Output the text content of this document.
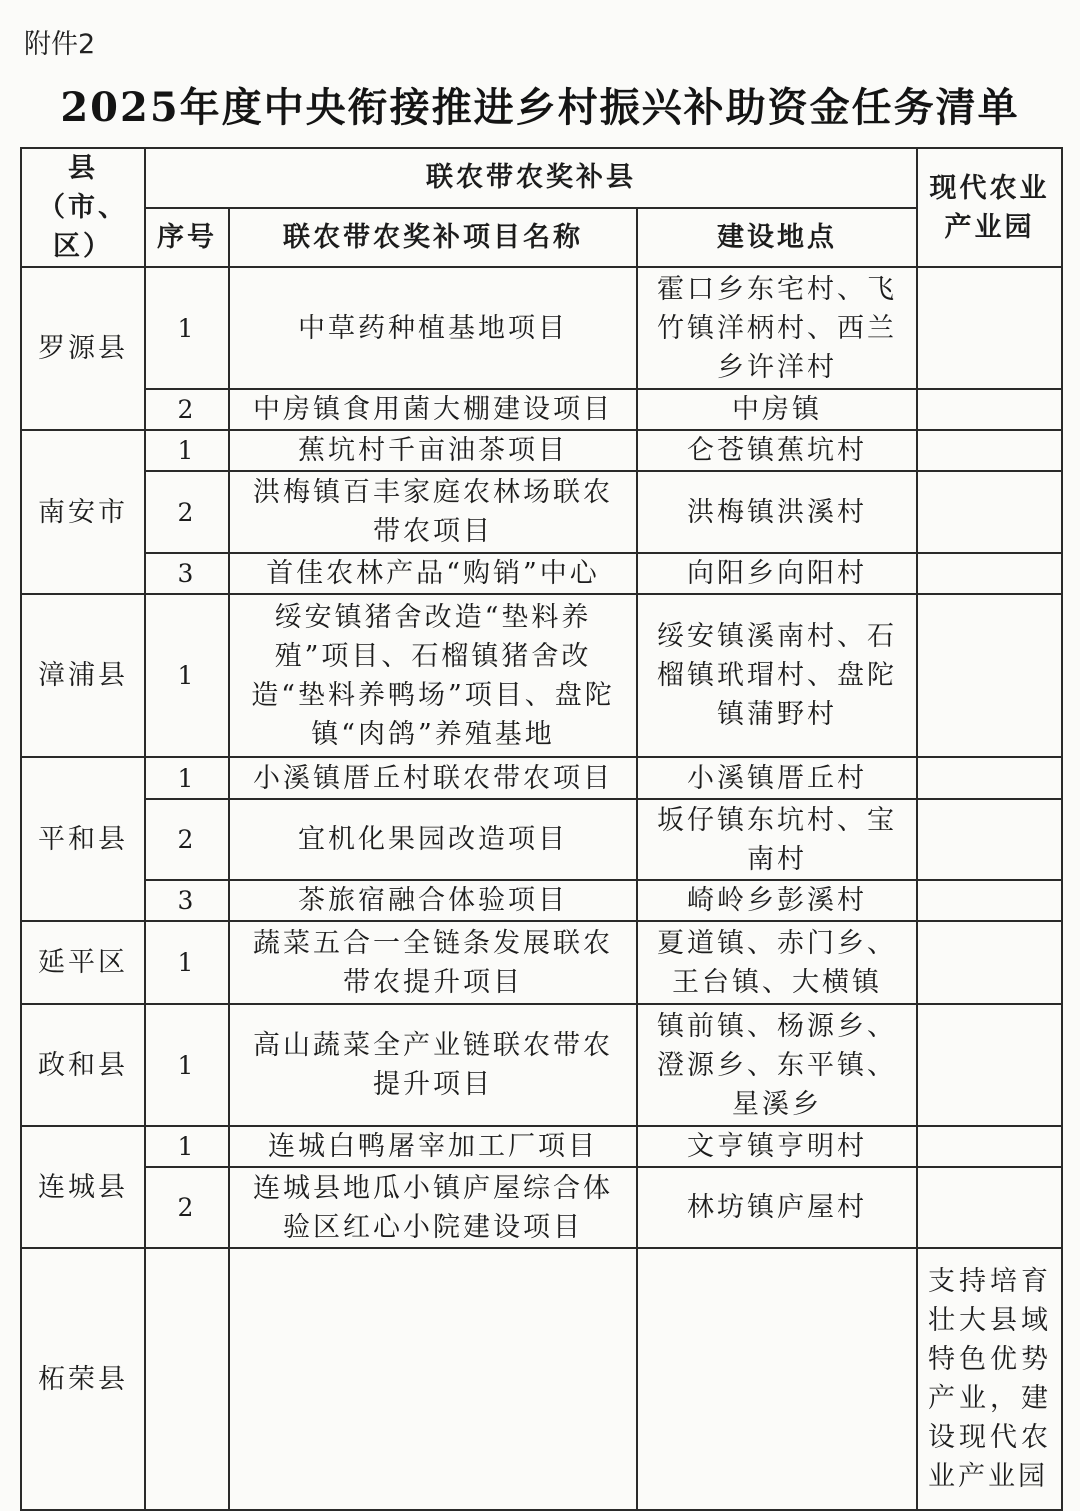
附件2
2025年度中央衔接推进乡村振兴补助资金任务清单
县（市、区）	联农带农奖补县			现代农业产业园
	序号	联农带农奖补项目名称	建设地点	
罗源县	1	中草药种植基地项目	霍口乡东宅村、飞竹镇洋柄村、西兰乡许洋村	
	2	中房镇食用菌大棚建设项目	中房镇	
南安市	1	蕉坑村千亩油茶项目	仑苍镇蕉坑村	
	2	洪梅镇百丰家庭农林场联农带农项目	洪梅镇洪溪村	
	3	首佳农林产品“购销”中心	向阳乡向阳村	
漳浦县	1	绥安镇猪舍改造“垫料养殖”项目、石榴镇猪舍改造“垫料养鸭场”项目、盘陀镇“肉鸽”养殖基地	绥安镇溪南村、石榴镇玳瑁村、盘陀镇蒲野村	
平和县	1	小溪镇厝丘村联农带农项目	小溪镇厝丘村	
	2	宜机化果园改造项目	坂仔镇东坑村、宝南村	
	3	茶旅宿融合体验项目	崎岭乡彭溪村	
延平区	1	蔬菜五合一全链条发展联农带农提升项目	夏道镇、赤门乡、王台镇、大横镇	
政和县	1	高山蔬菜全产业链联农带农提升项目	镇前镇、杨源乡、澄源乡、东平镇、星溪乡	
连城县	1	连城白鸭屠宰加工厂项目	文亨镇亨明村	
	2	连城县地瓜小镇庐屋综合体验区红心小院建设项目	林坊镇庐屋村	
柘荣县				支持培育壮大县域特色优势产业，建设现代农业产业园
